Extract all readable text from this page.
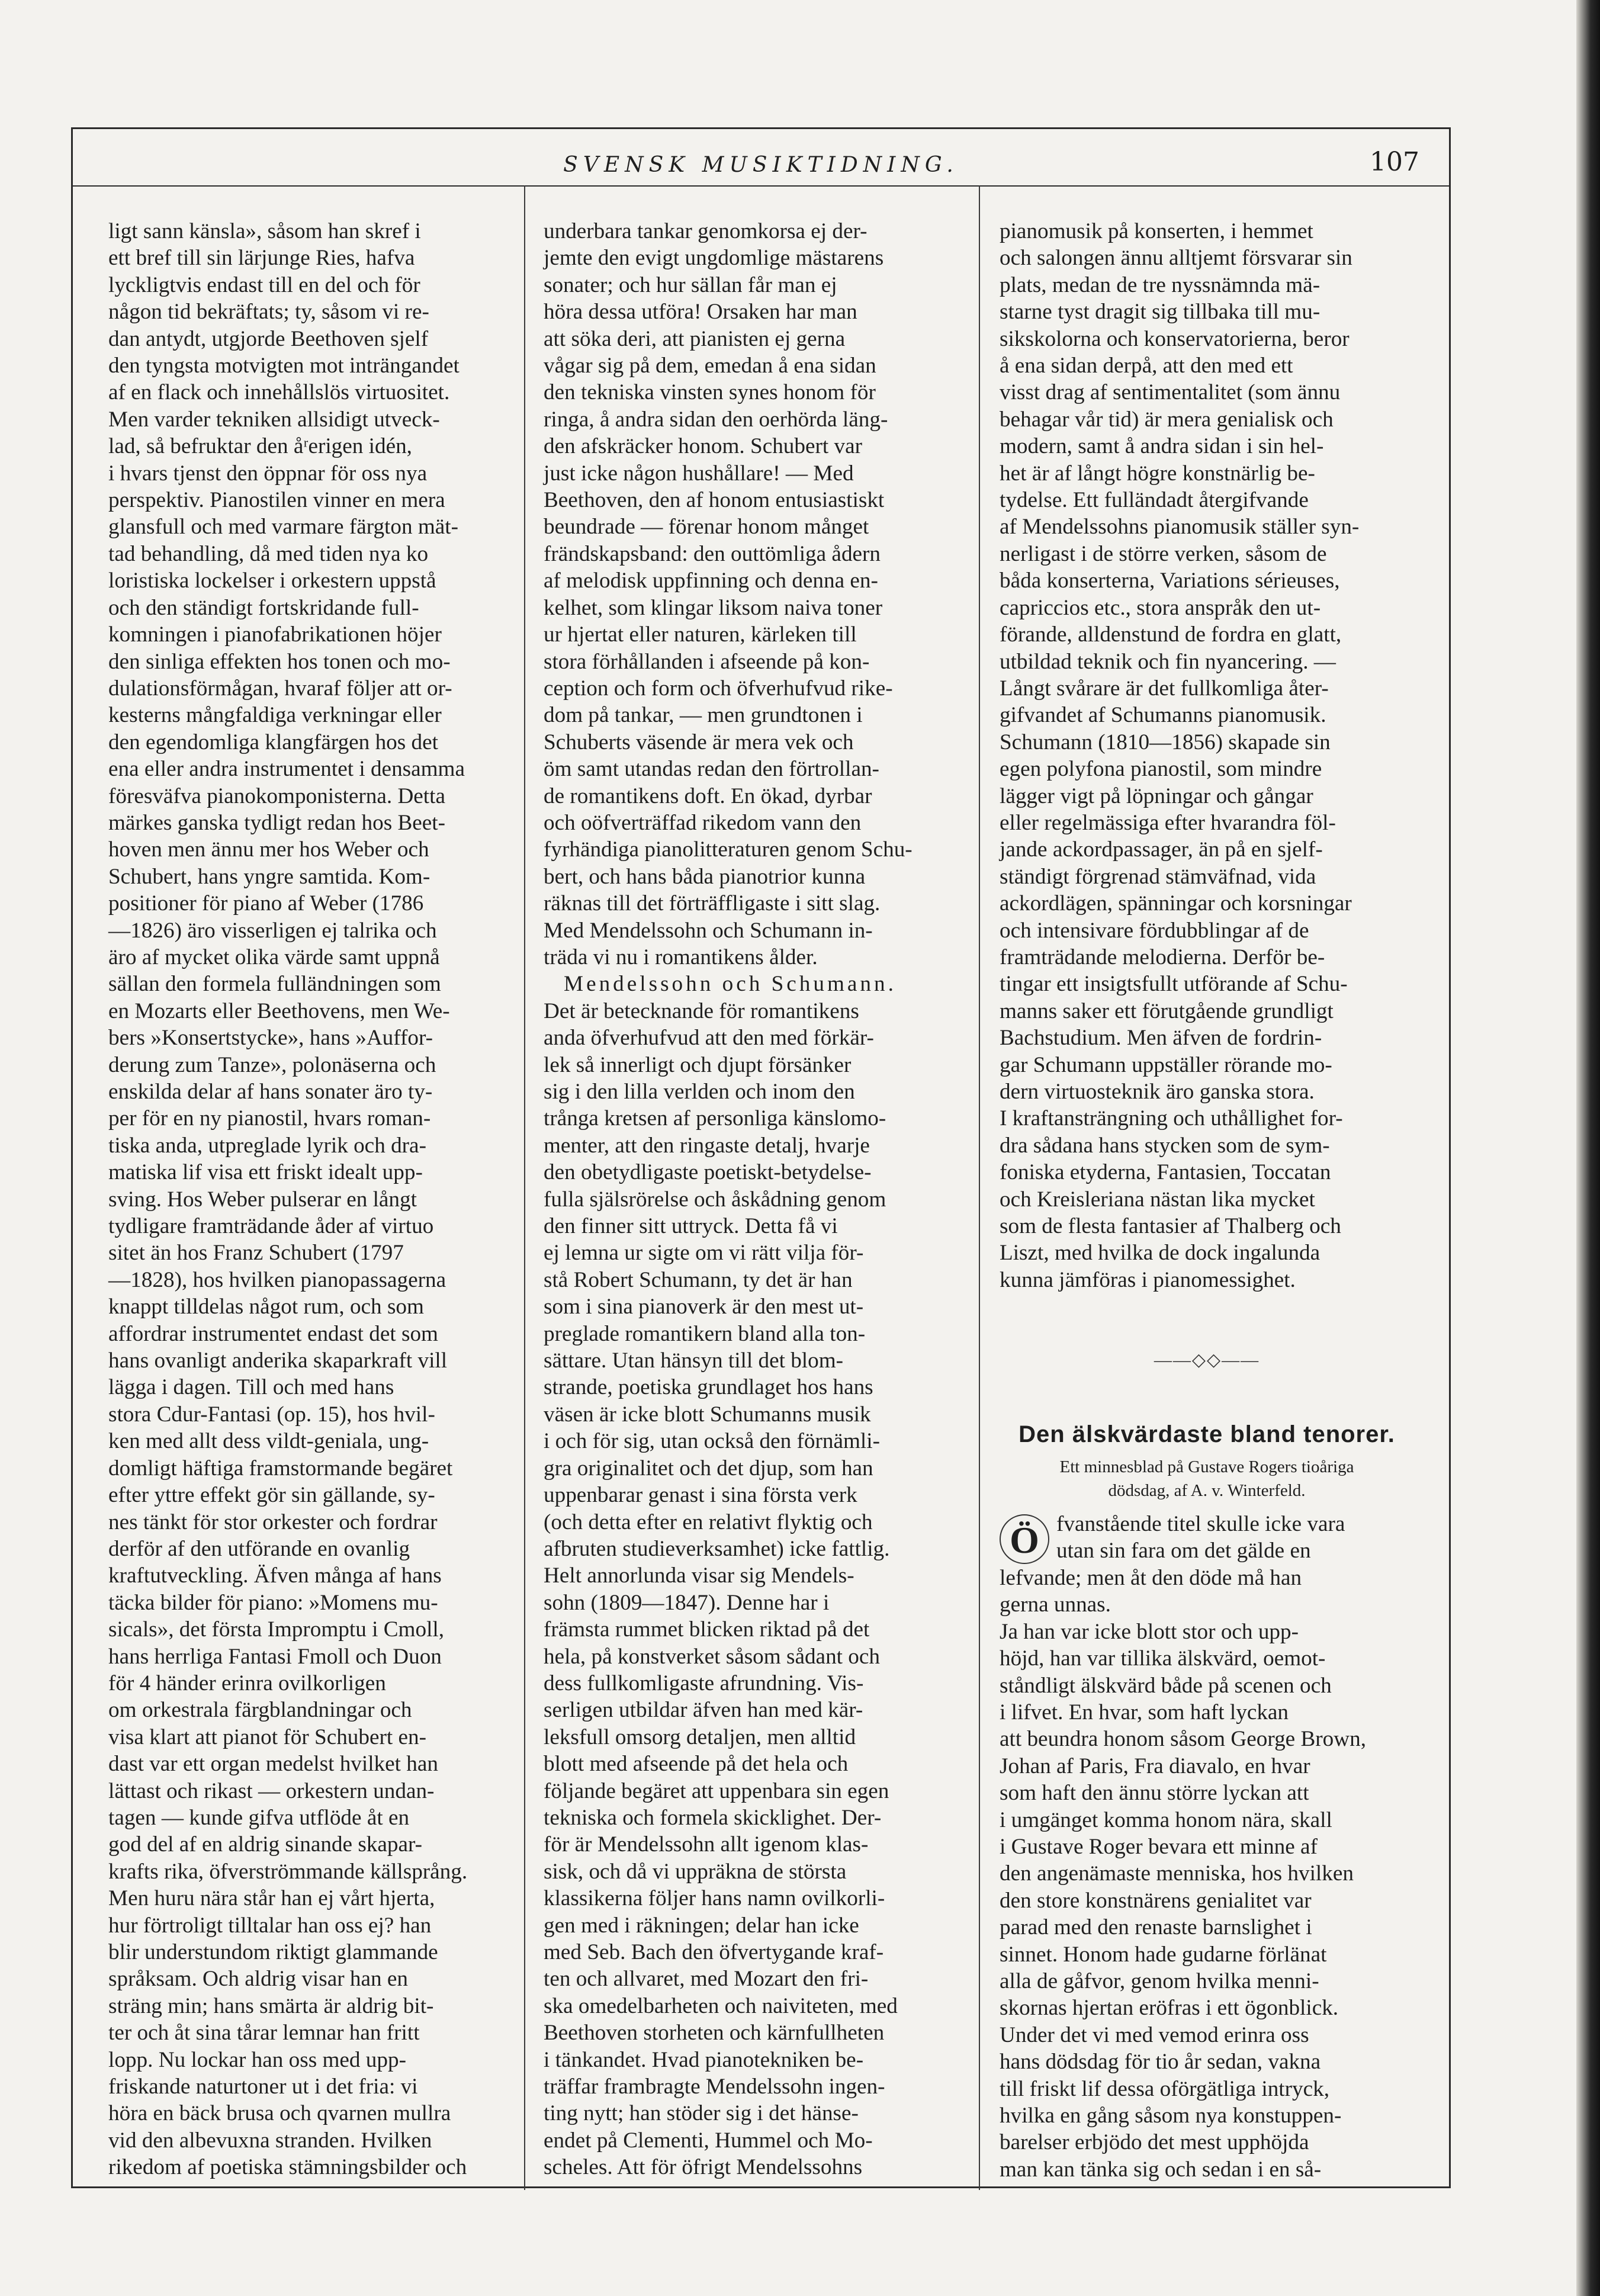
SVENSK MUSIKTIDNING.	107

ligt sann känsla», såsom han skref i

ett bref till sin lärjunge Ries, hafva

lyckligtvis endast till en del och för

någon tid bekräftats; ty, såsom vi re-

dan antydt, utgjorde Beethoven sjelf

den tyngsta motvigten mot inträngandet

af en flack och innehållslös virtuositet.

Men varder tekniken allsidigt utveck-

lad, så befruktar den åʳerigen idén,

i hvars tjenst den öppnar för oss nya

perspektiv. Pianostilen vinner en mera

glansfull och med varmare färgton mät-

tad behandling, då med tiden nya ko

loristiska lockelser i orkestern uppstå

och den ständigt fortskridande full-

komningen i pianofabrikationen höjer

den sinliga effekten hos tonen och mo-

dulationsförmågan, hvaraf följer att or-

kesterns mångfaldiga verkningar eller

den egendomliga klangfärgen hos det

ena eller andra instrumentet i densamma

föresväfva pianokomponisterna. Detta

märkes ganska tydligt redan hos Beet-

hoven men ännu mer hos Weber och

Schubert, hans yngre samtida. Kom-

positioner för piano af Weber (1786

—1826) äro visserligen ej talrika och

äro af mycket olika värde samt uppnå

sällan den formela fulländningen som

en Mozarts eller Beethovens, men We-

bers »Konsertstycke», hans »Auffor-

derung zum Tanze», polonäserna och

enskilda delar af hans sonater äro ty-

per för en ny pianostil, hvars roman-

tiska anda, utpreglade lyrik och dra-

matiska lif visa ett friskt idealt upp-

sving. Hos Weber pulserar en långt

tydligare framträdande åder af virtuo

sitet än hos Franz Schubert (1797

—1828), hos hvilken pianopassagerna

knappt tilldelas något rum, och som

affordrar instrumentet endast det som

hans ovanligt anderika skaparkraft vill

lägga i dagen. Till och med hans

stora Cdur-Fantasi (op. 15), hos hvil-

ken med allt dess vildt-geniala, ung-

domligt häftiga framstormande begäret

efter yttre effekt gör sin gällande, sy-

nes tänkt för stor orkester och fordrar

derför af den utförande en ovanlig

kraftutveckling. Äfven många af hans

täcka bilder för piano: »Momens mu-

sicals», det första Impromptu i Cmoll,

hans herrliga Fantasi Fmoll och Duon

för 4 händer erinra ovilkorligen

om orkestrala färgblandningar och

visa klart att pianot för Schubert en-

dast var ett organ medelst hvilket han

lättast och rikast — orkestern undan-

tagen — kunde gifva utflöde åt en

god del af en aldrig sinande skapar-

krafts rika, öfverströmmande källsprång.

Men huru nära står han ej vårt hjerta,

hur förtroligt tilltalar han oss ej? han

blir understundom riktigt glammande

språksam. Och aldrig visar han en

sträng min; hans smärta är aldrig bit-

ter och åt sina tårar lemnar han fritt

lopp. Nu lockar han oss med upp-

friskande naturtoner ut i det fria: vi

höra en bäck brusa och qvarnen mullra

vid den albevuxna stranden. Hvilken

rikedom af poetiska stämningsbilder och

underbara tankar genomkorsa ej der-

jemte den evigt ungdomlige mästarens

sonater; och hur sällan får man ej

höra dessa utföra! Orsaken har man

att söka deri, att pianisten ej gerna

vågar sig på dem, emedan å ena sidan

den tekniska vinsten synes honom för

ringa, å andra sidan den oerhörda läng-

den afskräcker honom. Schubert var

just icke någon hushållare! — Med

Beethoven, den af honom entusiastiskt

beundrade — förenar honom månget

frändskapsband: den outtömliga ådern

af melodisk uppfinning och denna en-

kelhet, som klingar liksom naiva toner

ur hjertat eller naturen, kärleken till

stora förhållanden i afseende på kon-

ception och form och öfverhufvud rike-

dom på tankar, — men grundtonen i

Schuberts väsende är mera vek och

öm samt utandas redan den förtrollan-

de romantikens doft. En ökad, dyrbar

och oöfverträffad rikedom vann den

fyrhändiga pianolitteraturen genom Schu-

bert, och hans båda pianotrior kunna

räknas till det förträffligaste i sitt slag.

Med Mendelssohn och Schumann in-

träda vi nu i romantikens ålder.

Mendelssohn och Schumann.

Det är betecknande för romantikens

anda öfverhufvud att den med förkär-

lek så innerligt och djupt försänker

sig i den lilla verlden och inom den

trånga kretsen af personliga känslomo-

menter, att den ringaste detalj, hvarje

den obetydligaste poetiskt-betydelse-

fulla själsrörelse och åskådning genom

den finner sitt uttryck. Detta få vi

ej lemna ur sigte om vi rätt vilja för-

stå Robert Schumann, ty det är han

som i sina pianoverk är den mest ut-

preglade romantikern bland alla ton-

sättare. Utan hänsyn till det blom-

strande, poetiska grundlaget hos hans

väsen är icke blott Schumanns musik

i och för sig, utan också den förnämli-

gra originalitet och det djup, som han

uppenbarar genast i sina första verk

(och detta efter en relativt flyktig och

afbruten studieverksamhet) icke fattlig.

Helt annorlunda visar sig Mendels-

sohn (1809—1847). Denne har i

främsta rummet blicken riktad på det

hela, på konstverket såsom sådant och

dess fullkomligaste afrundning. Vis-

serligen utbildar äfven han med kär-

leksfull omsorg detaljen, men alltid

blott med afseende på det hela och

följande begäret att uppenbara sin egen

tekniska och formela skicklighet. Der-

för är Mendelssohn allt igenom klas-

sisk, och då vi uppräkna de största

klassikerna följer hans namn ovilkorli-

gen med i räkningen; delar han icke

med Seb. Bach den öfvertygande kraf-

ten och allvaret, med Mozart den fri-

ska omedelbarheten och naiviteten, med

Beethoven storheten och kärnfullheten

i tänkandet. Hvad pianotekniken be-

träffar frambragte Mendelssohn ingen-

ting nytt; han stöder sig i det hänse-

endet på Clementi, Hummel och Mo-

scheles. Att för öfrigt Mendelssohns

pianomusik på konserten, i hemmet

och salongen ännu alltjemt försvarar sin

plats, medan de tre nyssnämnda mä-

starne tyst dragit sig tillbaka till mu-

sikskolorna och konservatorierna, beror

å ena sidan derpå, att den med ett

visst drag af sentimentalitet (som ännu

behagar vår tid) är mera genialisk och

modern, samt å andra sidan i sin hel-

het är af långt högre konstnärlig be-

tydelse. Ett fulländadt återgifvande

af Mendelssohns pianomusik ställer syn-

nerligast i de större verken, såsom de

båda konserterna, Variations sérieuses,

capriccios etc., stora anspråk den ut-

förande, alldenstund de fordra en glatt,

utbildad teknik och fin nyancering. —

Långt svårare är det fullkomliga åter-

gifvandet af Schumanns pianomusik.

Schumann (1810—1856) skapade sin

egen polyfona pianostil, som mindre

lägger vigt på löpningar och gångar

eller regelmässiga efter hvarandra föl-

jande ackordpassager, än på en sjelf-

ständigt förgrenad stämväfnad, vida

ackordlägen, spänningar och korsningar

och intensivare fördubblingar af de

framträdande melodierna. Derför be-

tingar ett insigtsfullt utförande af Schu-

manns saker ett förutgående grundligt

Bachstudium. Men äfven de fordrin-

gar Schumann uppställer rörande mo-

dern virtuosteknik äro ganska stora.

I kraftansträngning och uthållighet for-

dra sådana hans stycken som de sym-

foniska etyderna, Fantasien, Toccatan

och Kreisleriana nästan lika mycket

som de flesta fantasier af Thalberg och

Liszt, med hvilka de dock ingalunda

kunna jämföras i pianomessighet.

——◇◇——
Den älskvärdaste bland tenorer.
Ett minnesblad på Gustave Rogers tioåriga
dödsdag, af A. v. Winterfeld.
Ö fvanstående titel skulle icke vara

utan sin fara om det gälde en

lefvande; men åt den döde må han

gerna unnas.

Ja han var icke blott stor och upp-

höjd, han var tillika älskvärd, oemot-

ståndligt älskvärd både på scenen och

i lifvet. En hvar, som haft lyckan

att beundra honom såsom George Brown,

Johan af Paris, Fra diavalo, en hvar

som haft den ännu större lyckan att

i umgänget komma honom nära, skall

i Gustave Roger bevara ett minne af

den angenämaste menniska, hos hvilken

den store konstnärens genialitet var

parad med den renaste barnslighet i

sinnet. Honom hade gudarne förlänat

alla de gåfvor, genom hvilka menni-

skornas hjertan eröfras i ett ögonblick.

Under det vi med vemod erinra oss

hans dödsdag för tio år sedan, vakna

till friskt lif dessa oförgätliga intryck,

hvilka en gång såsom nya konstuppen-

barelser erbjödo det mest upphöjda

man kan tänka sig och sedan i en så-
